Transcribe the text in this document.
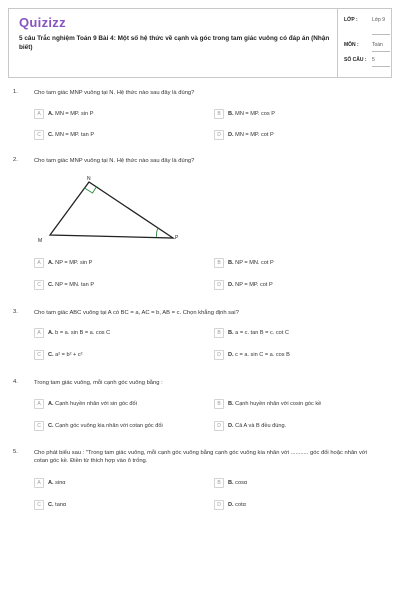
Quizizz
5 câu Trắc nghiệm Toán 9 Bài 4: Một số hệ thức về cạnh và góc trong tam giác vuông có đáp án (Nhận biết)
LỚP :	Lớp 9
MÔN :	Toán
SỐ CÂU : 5
1.	Cho tam giác MNP vuông tại N. Hệ thức nào sau đây là đúng?
A	A. MN = MP. sin P	B	B. MN = MP. cos P
C	C. MN = MP. tan P	D	D. MN = MP. cot P
2.	Cho tam giác MNP vuông tại N. Hệ thức nào sau đây là đúng?
N
M	P
A	A. NP = MP. sin P	B	B. NP = MN. cot P
C	C. NP = MN. tan P	D	D. NP = MP. cot P
3.	Cho tam giác ABC vuông tại A có BC = a, AC = b, AB = c. Chọn khẳng định sai?
A	A. b = a. sin B = a. cos C	B	B. a = c. tan B = c. cot C
C	C. a² = b² + c²	D	D. c = a. sin C = a. cos B
4.	Trong tam giác vuông, mỗi cạnh góc vuông bằng :
A	A. Cạnh huyền nhân với sin góc đối	B	B. Cạnh huyền nhân với cosin góc kề
C	C. Cạnh góc vuông kia nhân với cotan góc đối	D	D. Cả A và B đều đúng.
5.	Cho phát biểu sau : "Trong tam giác vuông, mỗi cạnh góc vuông bằng cạnh góc vuông kia nhân với ........... góc đối hoặc nhân với cotan góc kề. Điền từ thích hợp vào ô trống.
A	A. sinα	B	B. cosα
C	C. tanα	D	D. cotα
